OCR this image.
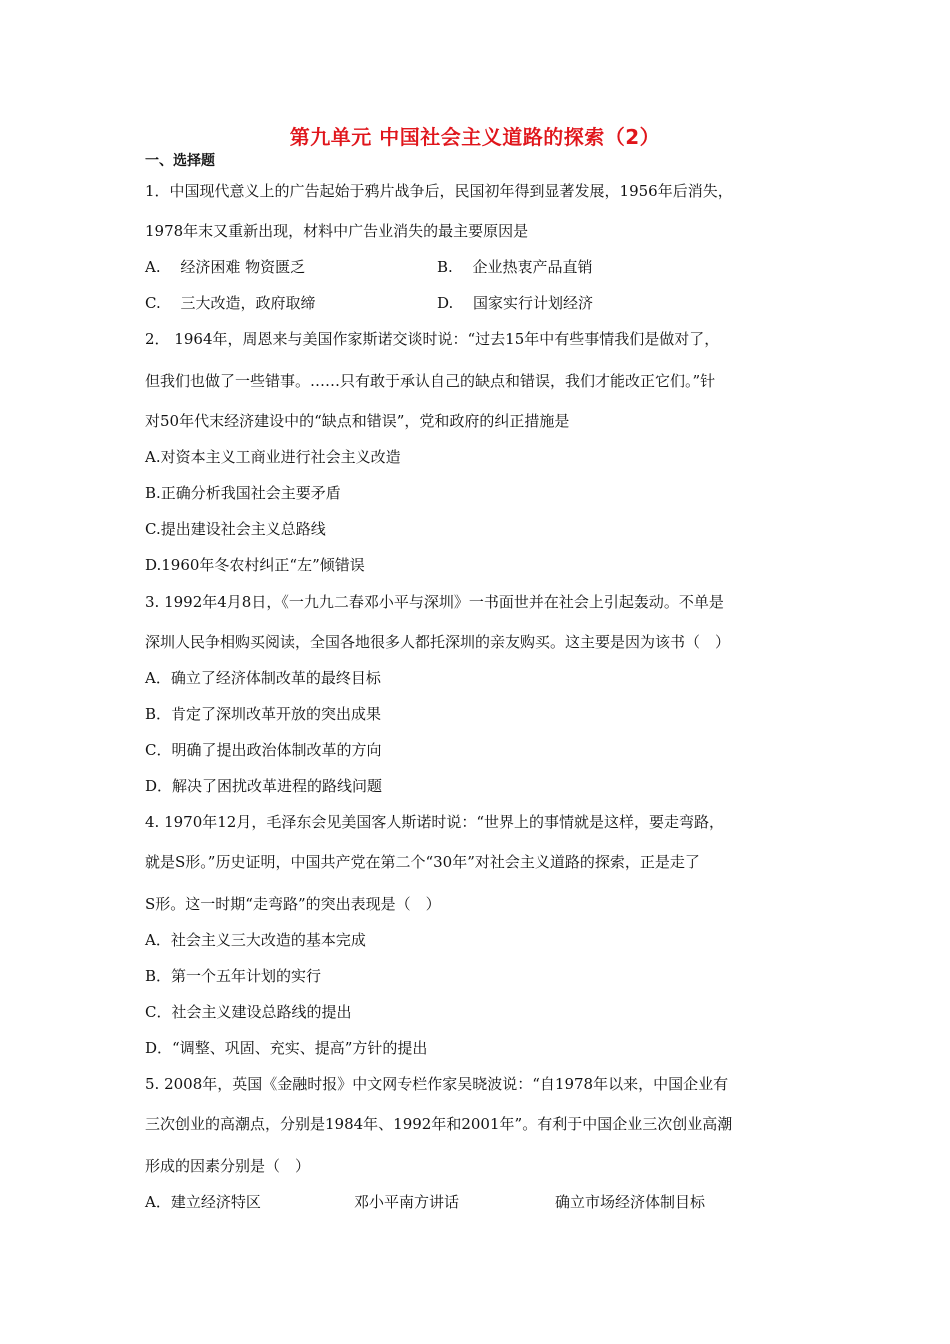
第九单元 中国社会主义道路的探索（2）
一、选择题
1．中国现代意义上的广告起始于鸦片战争后，民国初年得到显著发展，1956年后消失，
1978年末又重新出现，材料中广告业消失的最主要原因是
A.　 经济困难 物资匮乏	B.　 企业热衷产品直销
C.　 三大改造，政府取缔	D.　 国家实行计划经济
2． 1964年，周恩来与美国作家斯诺交谈时说：“过去15年中有些事情我们是做对了，
但我们也做了一些错事。……只有敢于承认自己的缺点和错误，我们才能改正它们。”针
对50年代末经济建设中的“缺点和错误”，党和政府的纠正措施是
A.对资本主义工商业进行社会主义改造
B.正确分析我国社会主要矛盾
C.提出建设社会主义总路线
D.1960年冬农村纠正“左”倾错误
3. 1992年4月8日，《一九九二春邓小平与深圳》一书面世并在社会上引起轰动。不单是
深圳人民争相购买阅读，全国各地很多人都托深圳的亲友购买。这主要是因为该书（　）
A．确立了经济体制改革的最终目标
B．肯定了深圳改革开放的突出成果
C．明确了提出政治体制改革的方向
D．解决了困扰改革进程的路线问题
4. 1970年12月，毛泽东会见美国客人斯诺时说：“世界上的事情就是这样，要走弯路，
就是S形。”历史证明，中国共产党在第二个“30年”对社会主义道路的探索，正是走了
S形。这一时期“走弯路”的突出表现是（　）
A．社会主义三大改造的基本完成
B．第一个五年计划的实行
C．社会主义建设总路线的提出
D．“调整、巩固、充实、提高”方针的提出
5. 2008年，英国《金融时报》中文网专栏作家吴晓波说：“自1978年以来，中国企业有
三次创业的高潮点，分别是1984年、1992年和2001年”。有利于中国企业三次创业高潮
形成的因素分别是（　）
A．建立经济特区	邓小平南方讲话	确立市场经济体制目标
